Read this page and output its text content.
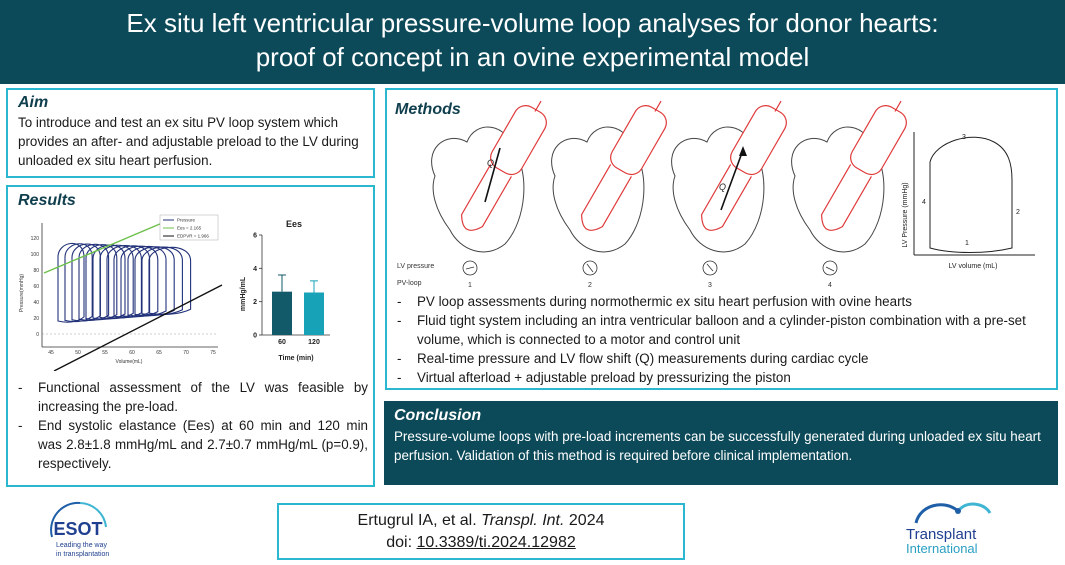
Ex situ left ventricular pressure-volume loop analyses for donor hearts:
proof of concept in an ovine experimental model
Aim
To introduce and test an ex situ PV loop system which provides an after- and adjustable preload to the LV during unloaded ex situ heart perfusion.
Results
Pressure(mmHg)
0
20
40
60
80
100
120
45	50	55	60	65	70	75
Volume(mL)
Pressure
Ees = 2.165
EDPVR = 1.966
Ees
mmHg/mL
0
2
4
6
60	120
Time (min)
- Functional assessment of the LV was feasible by increasing the pre-load.
- End systolic elastance (Ees) at 60 min and 120 min was 2.8±1.8 mmHg/mL and 2.7±0.7 mmHg/mL (p=0.9), respectively.
Methods
LV pressure
PV-loop
Q
1	2
Q
3	4
LV Pressure (mmHg)	1
2
3
4
LV volume (mL)
- PV loop assessments during normothermic ex situ heart perfusion with ovine hearts
- Fluid tight system including an intra ventricular balloon and a cylinder-piston combination with a pre-set volume, which is connected to a motor and control unit
- Real-time pressure and LV flow shift (Q) measurements during cardiac cycle
- Virtual afterload + adjustable preload by pressurizing the piston
Conclusion
Pressure-volume loops with pre-load increments can be successfully generated during unloaded ex situ heart perfusion. Validation of this method is required before clinical implementation.
Ertugrul IA, et al. Transpl. Int. 2024
doi: 10.3389/ti.2024.12982
ESOT
Leading the way
in transplantation
Transplant
International
